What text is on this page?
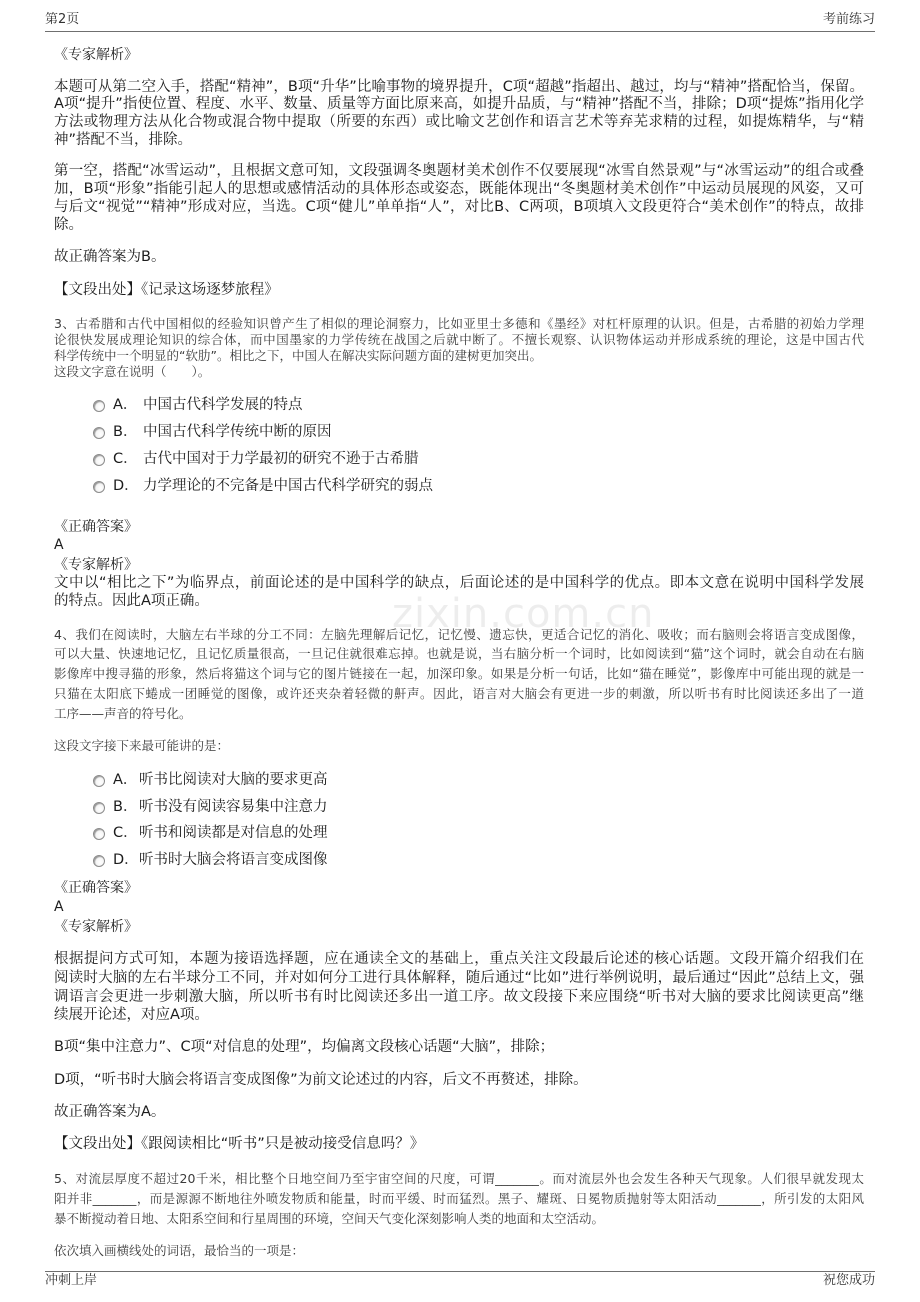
zixin.com.cn
第2页	考前练习
《专家解析》
本题可从第二空入手，搭配“精神”，B项“升华”比喻事物的境界提升，C项“超越”指超出、越过，均与“精神”搭配恰当，保留。
A项“提升”指使位置、程度、水平、数量、质量等方面比原来高，如提升品质，与“精神”搭配不当，排除；D项“提炼”指用化学
方法或物理方法从化合物或混合物中提取（所要的东西）或比喻文艺创作和语言艺术等弃芜求精的过程，如提炼精华，与“精
神”搭配不当，排除。
第一空，搭配“冰雪运动”，且根据文意可知，文段强调冬奥题材美术创作不仅要展现“冰雪自然景观”与“冰雪运动”的组合或叠
加，B项“形象”指能引起人的思想或感情活动的具体形态或姿态，既能体现出“冬奥题材美术创作”中运动员展现的风姿，又可
与后文“视觉”“精神”形成对应，当选。C项“健儿”单单指“人”，对比B、C两项，B项填入文段更符合“美术创作”的特点，故排
除。
故正确答案为B。
【文段出处】《记录这场逐梦旅程》
3、古希腊和古代中国相似的经验知识曾产生了相似的理论洞察力，比如亚里士多德和《墨经》对杠杆原理的认识。但是，古希腊的初始力学理
论很快发展成理论知识的综合体，而中国墨家的力学传统在战国之后就中断了。不擅长观察、认识物体运动并形成系统的理论，这是中国古代
科学传统中一个明显的“软肋”。相比之下，中国人在解决实际问题方面的建树更加突出。
这段文字意在说明（　　）。
A． 中国古代科学发展的特点
B． 中国古代科学传统中断的原因
C． 古代中国对于力学最初的研究不逊于古希腊
D． 力学理论的不完备是中国古代科学研究的弱点
《正确答案》
A
《专家解析》
文中以“相比之下”为临界点，前面论述的是中国科学的缺点，后面论述的是中国科学的优点。即本文意在说明中国科学发展
的特点。因此A项正确。
4、我们在阅读时，大脑左右半球的分工不同：左脑先理解后记忆，记忆慢、遗忘快，更适合记忆的消化、吸收；而右脑则会将语言变成图像，
可以大量、快速地记忆，且记忆质量很高，一旦记住就很难忘掉。也就是说，当右脑分析一个词时，比如阅读到“猫”这个词时，就会自动在右脑
影像库中搜寻猫的形象，然后将猫这个词与它的图片链接在一起，加深印象。如果是分析一句话，比如“猫在睡觉”，影像库中可能出现的就是一
只猫在太阳底下蜷成一团睡觉的图像，或许还夹杂着轻微的鼾声。因此，语言对大脑会有更进一步的刺激，所以听书有时比阅读还多出了一道
工序——声音的符号化。
这段文字接下来最可能讲的是：
A． 听书比阅读对大脑的要求更高
B． 听书没有阅读容易集中注意力
C． 听书和阅读都是对信息的处理
D． 听书时大脑会将语言变成图像
《正确答案》
A
《专家解析》
根据提问方式可知，本题为接语选择题，应在通读全文的基础上，重点关注文段最后论述的核心话题。文段开篇介绍我们在
阅读时大脑的左右半球分工不同，并对如何分工进行具体解释，随后通过“比如”进行举例说明，最后通过“因此”总结上文，强
调语言会更进一步刺激大脑，所以听书有时比阅读还多出一道工序。故文段接下来应围绕“听书对大脑的要求比阅读更高”继
续展开论述，对应A项。
B项“集中注意力”、C项“对信息的处理”，均偏离文段核心话题“大脑”，排除；
D项，“听书时大脑会将语言变成图像”为前文论述过的内容，后文不再赘述，排除。
故正确答案为A。
【文段出处】《跟阅读相比“听书”只是被动接受信息吗？》
5、对流层厚度不超过20千米，相比整个日地空间乃至宇宙空间的尺度，可谓_______。而对流层外也会发生各种天气现象。人们很早就发现太
阳并非_______，而是源源不断地往外喷发物质和能量，时而平缓、时而猛烈。黑子、耀斑、日冕物质抛射等太阳活动_______，所引发的太阳风
暴不断搅动着日地、太阳系空间和行星周围的环境，空间天气变化深刻影响人类的地面和太空活动。
依次填入画横线处的词语，最恰当的一项是：
冲刺上岸	祝您成功
